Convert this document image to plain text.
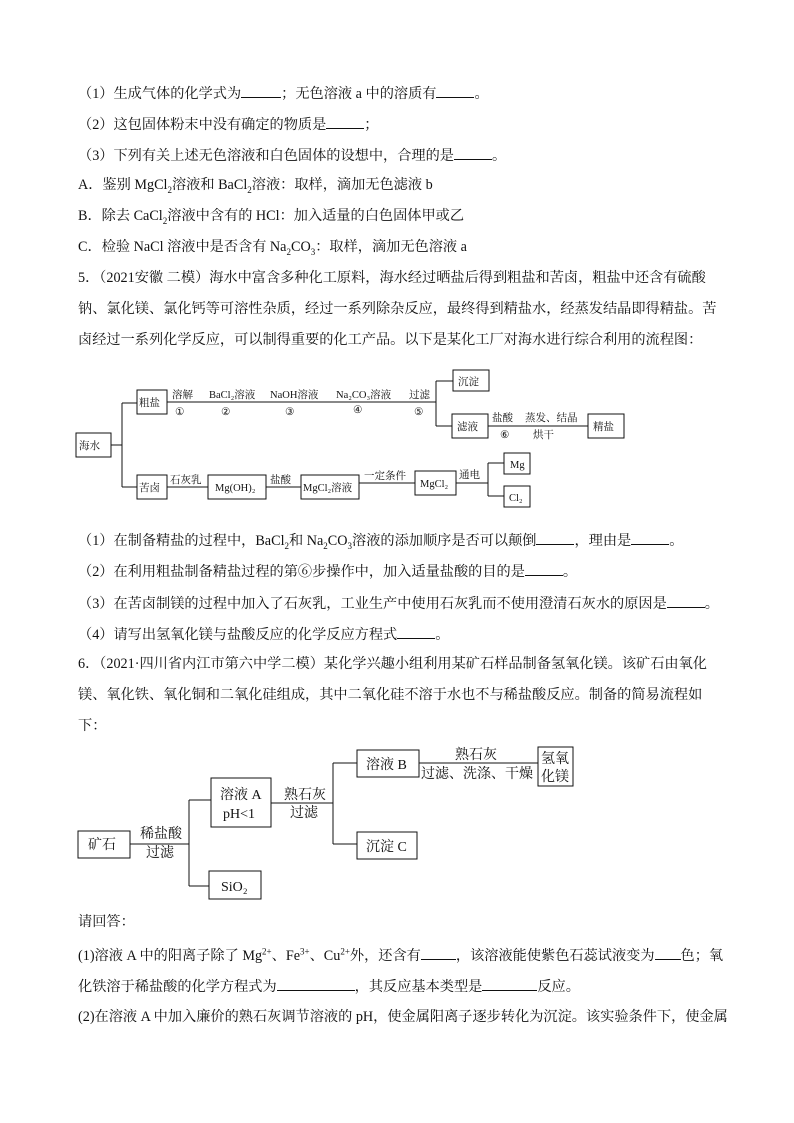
（1）生成气体的化学式为	；无色溶液 a 中的溶质有	。
（2）这包固体粉末中没有确定的物质是	；
（3）下列有关上述无色溶液和白色固体的设想中，合理的是	。
A．鉴别 MgCl$_2$溶液和 BaCl$_2$溶液：取样，滴加无色滤液 b
B．除去 CaCl$_2$溶液中含有的 HCl：加入适量的白色固体甲或乙
C．检验 NaCl 溶液中是否含有 $Na_2CO_3$：取样，滴加无色溶液 a
5．（2021安徽 二模）海水中富含多种化工原料，海水经过晒盐后得到粗盐和苦卤，粗盐中还含有硫酸
钠、氯化镁、氯化钙等可溶性杂质，经过一系列除杂反应，最终得到精盐水，经蒸发结晶即得精盐。苦
卤经过一系列化学反应，可以制得重要的化工产品。以下是某化工厂对海水进行综合利用的流程图：
海水
粗盐
溶解
①
BaCl₂溶液
②
NaOH溶液
③
Na₂CO₃溶液
④
过滤
⑤
沉淀
滤液
盐酸
⑥
蒸发、结晶
烘干
精盐
苦卤
石灰乳
Mg(OH)₂
盐酸
MgCl₂溶液
一定条件
MgCl₂
通电
Mg
Cl₂
（1）在制备精盐的过程中，BaCl$_2$和 $Na_2CO_3$溶液的添加顺序是否可以颠倒	，理由是	。
（2）在利用粗盐制备精盐过程的第⑥步操作中，加入适量盐酸的目的是	。
（3）在苦卤制镁的过程中加入了石灰乳，工业生产中使用石灰乳而不使用澄清石灰水的原因是	。
（4）请写出氢氧化镁与盐酸反应的化学反应方程式	。
6．（2021·四川省内江市第六中学二模）某化学兴趣小组利用某矿石样品制备氢氧化镁。该矿石由氧化
镁、氧化铁、氧化铜和二氧化硅组成，其中二氧化硅不溶于水也不与稀盐酸反应。制备的简易流程如
下：
矿石
稀盐酸
过滤
溶液 A
pH<1
熟石灰
过滤
溶液 B
熟石灰
过滤、洗涤、干燥
氢氧
化镁
沉淀 C
SiO₂
请回答：
(1)溶液 A 中的阳离子除了 $Mg^{2+}$、$Fe^{3+}$、$Cu^{2+}$外，还含有 ，该溶液能使紫色石蕊试液变为 色；氧
化铁溶于稀盐酸的化学方程式为	，其反应基本类型是	反应。
(2)在溶液 A 中加入廉价的熟石灰调节溶液的 pH，使金属阳离子逐步转化为沉淀。该实验条件下，使金属
